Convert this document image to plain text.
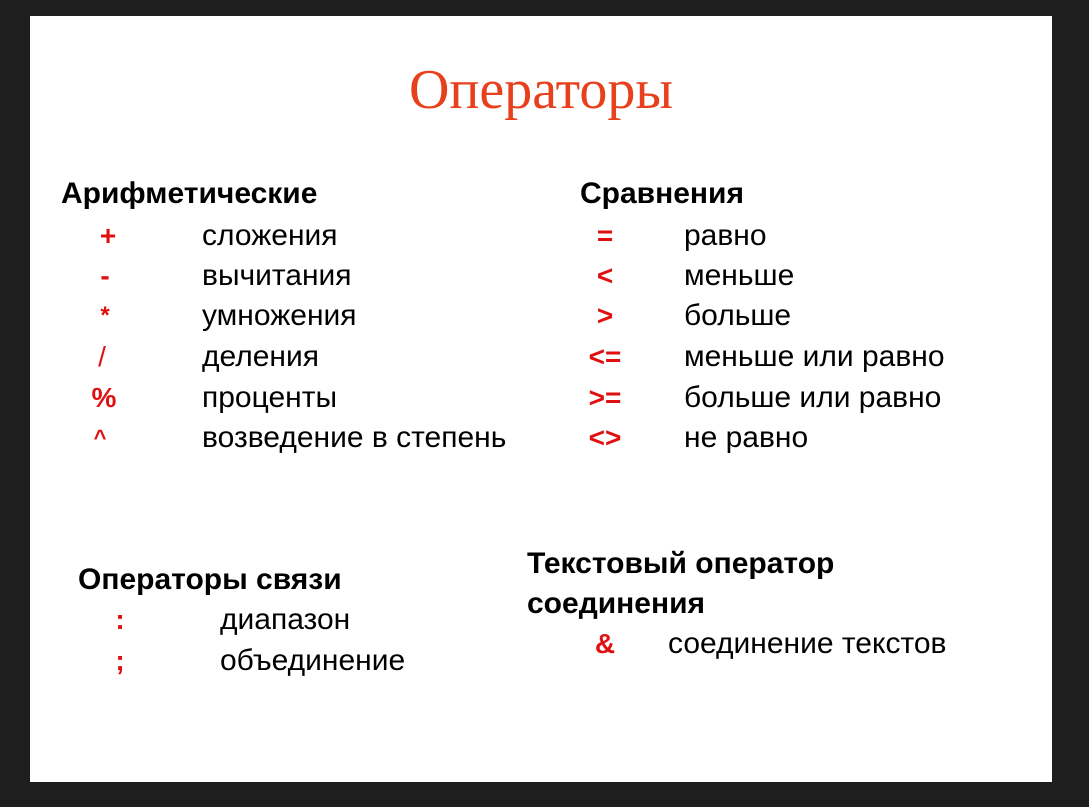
Операторы
Арифметические
+	сложения
-	вычитания
*	умножения
/	деления
%	проценты
^	возведение в степень
Сравнения
=	равно
<	меньше
>	больше
<= меньше или равно
>= больше или равно
<> не равно
Операторы связи
:	диапазон
;	объединение
Текстовый оператор
соединения
&	соединение текстов
